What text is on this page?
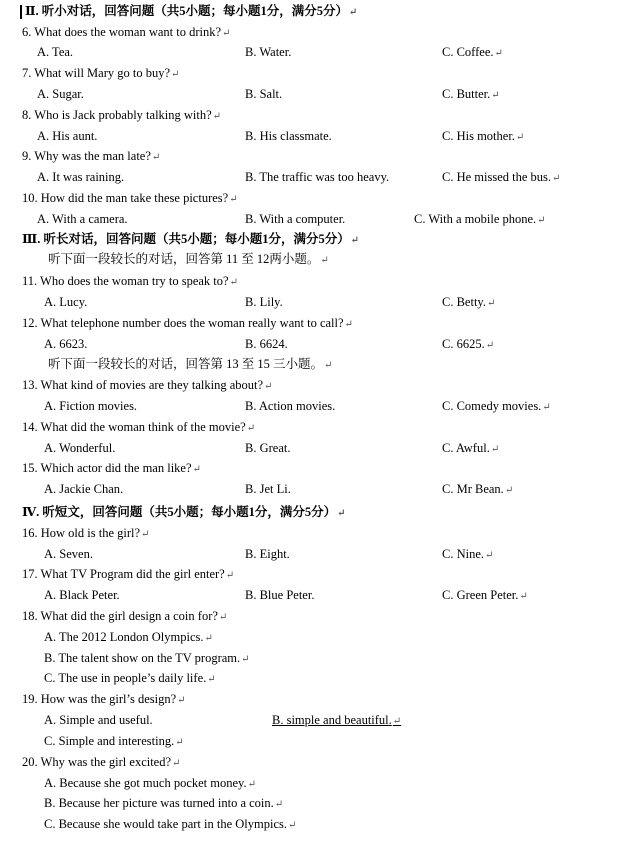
Ⅱ. 听小对话，回答问题（共5小题；每小题1分，满分5分）↵
6. What does the woman want to drink?↵
A. Tea.	B. Water.	C. Coffee.↵
7. What will Mary go to buy?↵
A. Sugar.	B. Salt.	C. Butter.↵
8. Who is Jack probably talking with?↵
A. His aunt.	B. His classmate.	C. His mother.↵
9. Why was the man late?↵
A. It was raining.	B. The traffic was too heavy.	C. He missed the bus.↵
10. How did the man take these pictures?↵
A. With a camera.	B. With a computer.	C. With a mobile phone.↵
Ⅲ. 听长对话，回答问题（共5小题；每小题1分，满分5分）↵
听下面一段较长的对话，回答第 11 至 12两小题。↵
11. Who does the woman try to speak to?↵
A. Lucy.	B. Lily.	C. Betty.↵
12. What telephone number does the woman really want to call?↵
A. 6623.	B. 6624.	C. 6625.↵
听下面一段较长的对话，回答第 13 至 15 三小题。↵
13. What kind of movies are they talking about?↵
A. Fiction movies.	B. Action movies.	C. Comedy movies.↵
14. What did the woman think of the movie?↵
A. Wonderful.	B. Great.	C. Awful.↵
15. Which actor did the man like?↵
A. Jackie Chan.	B. Jet Li.	C. Mr Bean.↵
Ⅳ. 听短文，回答问题（共5小题；每小题1分，满分5分）↵
16. How old is the girl?↵
A. Seven.	B. Eight.	C. Nine.↵
17. What TV Program did the girl enter?↵
A. Black Peter.	B. Blue Peter.	C. Green Peter.↵
18. What did the girl design a coin for?↵
A. The 2012 London Olympics.↵
B. The talent show on the TV program.↵
C. The use in people’s daily life.↵
19. How was the girl’s design?↵
A. Simple and useful.	B. simple and beautiful.↵
C. Simple and interesting.↵
20. Why was the girl excited?↵
A. Because she got much pocket money.↵
B. Because her picture was turned into a coin.↵
C. Because she would take part in the Olympics.↵
